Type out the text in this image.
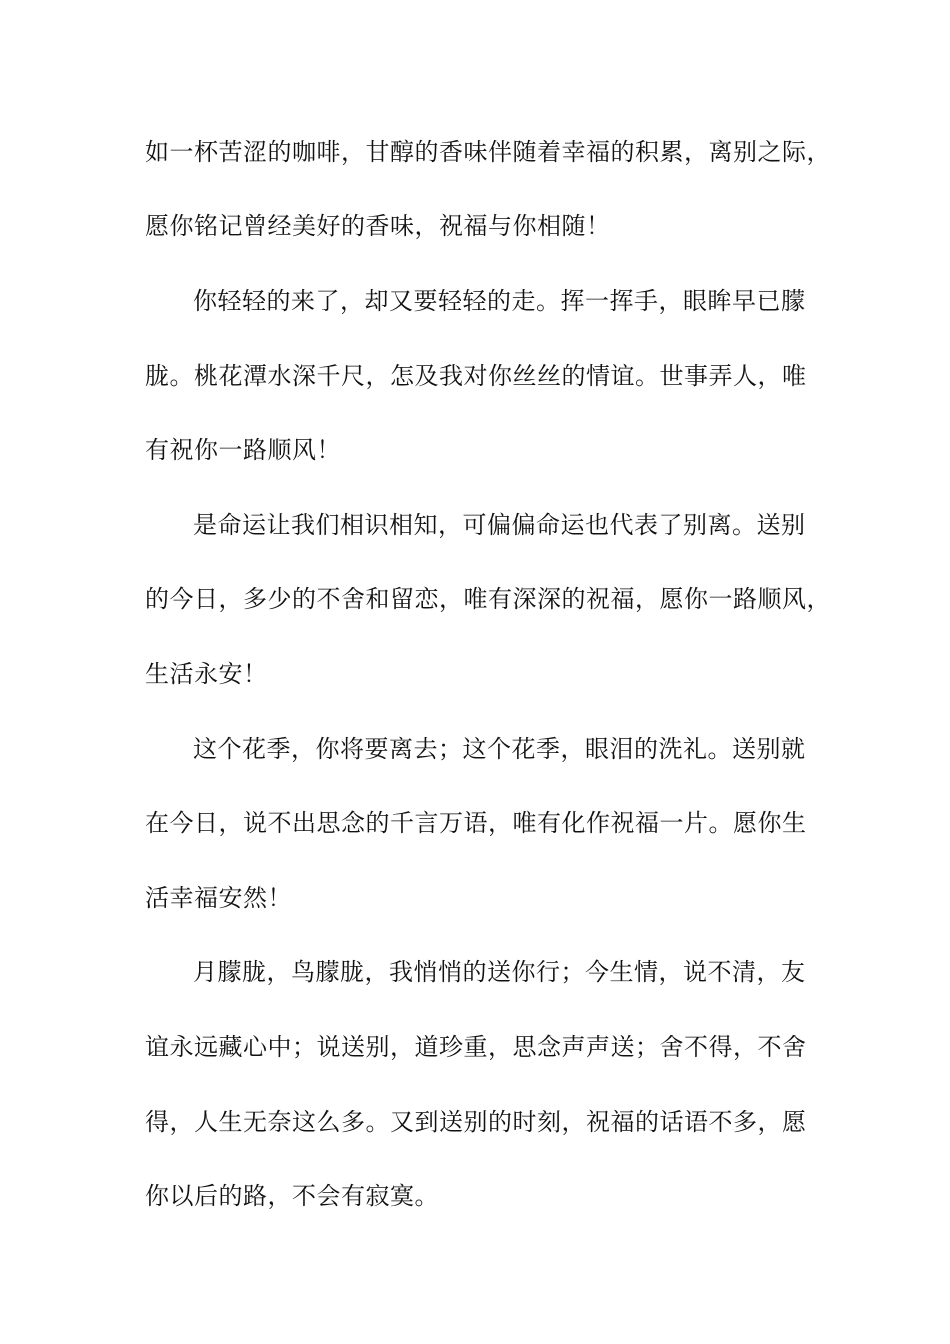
如一杯苦涩的咖啡，甘醇的香味伴随着幸福的积累，离别之际，
愿你铭记曾经美好的香味，祝福与你相随！
你轻轻的来了，却又要轻轻的走。挥一挥手，眼眸早已朦
胧。桃花潭水深千尺，怎及我对你丝丝的情谊。世事弄人，唯
有祝你一路顺风！
是命运让我们相识相知，可偏偏命运也代表了别离。送别
的今日，多少的不舍和留恋，唯有深深的祝福，愿你一路顺风，
生活永安！
这个花季，你将要离去；这个花季，眼泪的洗礼。送别就
在今日，说不出思念的千言万语，唯有化作祝福一片。愿你生
活幸福安然！
月朦胧，鸟朦胧，我悄悄的送你行；今生情，说不清，友
谊永远藏心中；说送别，道珍重，思念声声送；舍不得，不舍
得，人生无奈这么多。又到送别的时刻，祝福的话语不多，愿
你以后的路，不会有寂寞。
